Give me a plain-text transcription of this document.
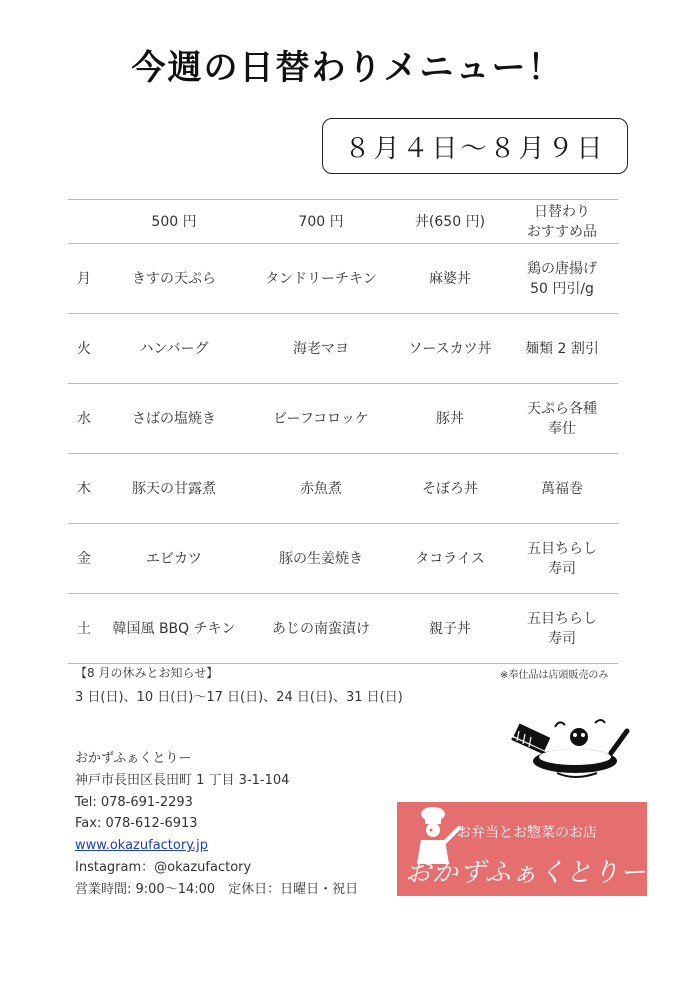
今週の日替わりメニュー！
８月４日〜８月９日
	500 円	700 円	丼(650 円)	日替わり
おすすめ品
月	きすの天ぷら	タンドリーチキン	麻婆丼	鶏の唐揚げ
50 円引/g
火	ハンバーグ	海老マヨ	ソースカツ丼	麺類 2 割引
水	さばの塩焼き	ビーフコロッケ	豚丼	天ぷら各種
奉仕
木	豚天の甘露煮	赤魚煮	そぼろ丼	萬福巻
金	エビカツ	豚の生姜焼き	タコライス	五目ちらし
寿司
土	韓国風 BBQ チキン	あじの南蛮漬け	親子丼	五目ちらし
寿司
【8 月の休みとお知らせ】	※奉仕品は店頭販売のみ
3 日(日)、10 日(日)〜17 日(日)、24 日(日)、31 日(日)
おかずふぁくとりー
神戸市長田区長田町 1 丁目 3-1-104
Tel: 078-691-2293
Fax: 078-612-6913
www.okazufactory.jp
Instagram：@okazufactory
営業時間: 9:00〜14:00　定休日：日曜日・祝日
お弁当とお惣菜のお店
おかずふぁくとりー
